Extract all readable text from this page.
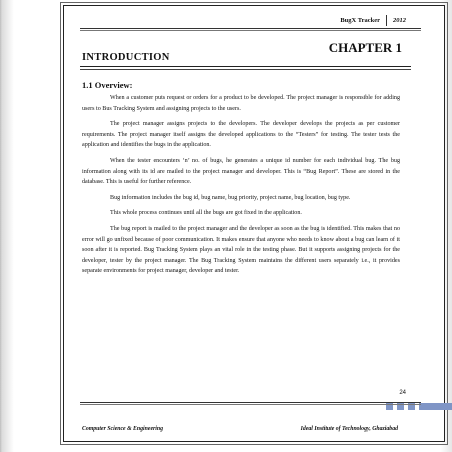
BugX Tracker 2012
CHAPTER 1
INTRODUCTION
1.1 Overview:

When a customer puts request or orders for a product to be developed. The project manager is responsible for adding users to Bus Tracking System and assigning projects to the users.

The project manager assigns projects to the developers. The developer develops the projects as per customer requirements. The project manager itself assigns the developed applications to the “Testers” for testing. The tester tests the application and identifies the bugs in the application.

When the tester encounters ‘n’ no. of bugs, he generates a unique id number for each individual bug. The bug information along with its id are mailed to the project manager and developer. This is “Bug Report”. These are stored in the database. This is useful for further reference.

Bug information includes the bug id, bug name, bug priority, project name, bug location, bug type.

This whole process continues until all the bugs are got fixed in the application.

The bug report is mailed to the project manager and the developer as soon as the bug is identified. This makes that no error will go unfixed because of poor communication. It makes ensure that anyone who needs to know about a bug can learn of it soon after it is reported. Bug Tracking System plays an vital role in the testing phase. But it supports assigning projects for the developer, tester by the project manager. The Bug Tracking System maintains the different users separately i.e., it provides separate environments for project manager, developer and tester.

24
Computer Science & Engineering	Ideal Institute of Technology, Ghaziabad
